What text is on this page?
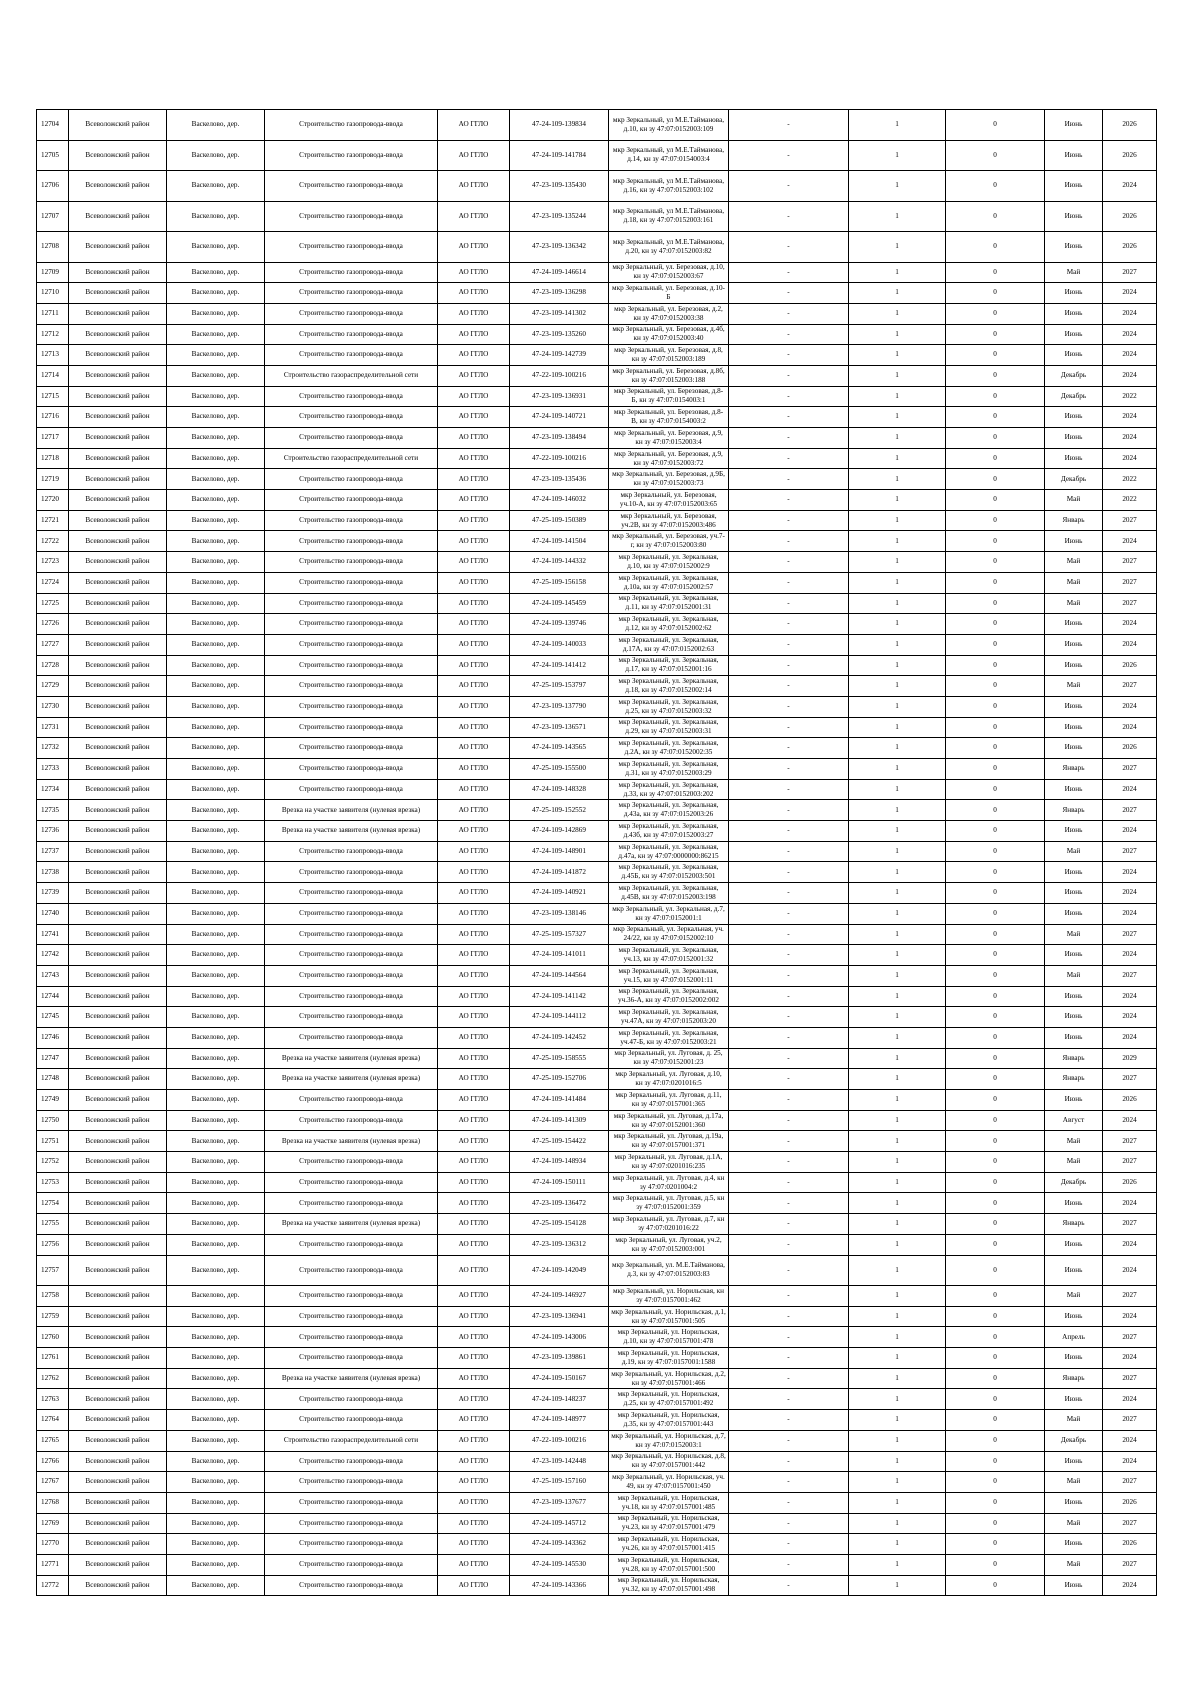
12704	Всеволожский район	Васкелово, дер.	Строительство газопровода-ввода	АО ГГЛО	47-24-109-139834	мкр Зеркальный, ул М.Е.Тайманова, д.10, кн зу 47:07:0152003:109	-	1	0	Июнь	2026
12705	Всеволожский район	Васкелово, дер.	Строительство газопровода-ввода	АО ГГЛО	47-24-109-141784	мкр Зеркальный, ул М.Е.Тайманова, д.14, кн зу 47:07:0154003:4	-	1	0	Июнь	2026
12706	Всеволожский район	Васкелово, дер.	Строительство газопровода-ввода	АО ГГЛО	47-23-109-135430	мкр Зеркальный, ул М.Е.Тайманова, д.16, кн зу 47:07:0152003:102	-	1	0	Июнь	2024
12707	Всеволожский район	Васкелово, дер.	Строительство газопровода-ввода	АО ГГЛО	47-23-109-135244	мкр Зеркальный, ул М.Е.Тайманова, д.18, кн зу 47:07:0152003:161	-	1	0	Июнь	2026
12708	Всеволожский район	Васкелово, дер.	Строительство газопровода-ввода	АО ГГЛО	47-23-109-136342	мкр Зеркальный, ул М.Е.Тайманова, д.20, кн зу 47:07:0152003:82	-	1	0	Июнь	2026
12709	Всеволожский район	Васкелово, дер.	Строительство газопровода-ввода	АО ГГЛО	47-24-109-146614	мкр Зеркальный, ул. Березовая, д.10, кн зу 47:07:0152003:67	-	1	0	Май	2027
12710	Всеволожский район	Васкелово, дер.	Строительство газопровода-ввода	АО ГГЛО	47-23-109-136298	мкр Зеркальный, ул. Березовая, д.10-Б	-	1	0	Июнь	2024
12711	Всеволожский район	Васкелово, дер.	Строительство газопровода-ввода	АО ГГЛО	47-23-109-141302	мкр Зеркальный, ул. Березовая, д.2, кн зу 47:07:0152003:38	-	1	0	Июнь	2024
12712	Всеволожский район	Васкелово, дер.	Строительство газопровода-ввода	АО ГГЛО	47-23-109-135260	мкр Зеркальный, ул. Березовая, д.4б, кн зу 47:07:0152003:40	-	1	0	Июнь	2024
12713	Всеволожский район	Васкелово, дер.	Строительство газопровода-ввода	АО ГГЛО	47-24-109-142739	мкр Зеркальный, ул. Березовая, д.8, кн зу 47:07:0152003:189	-	1	0	Июнь	2024
12714	Всеволожский район	Васкелово, дер.	Строительство газораспределительной сети	АО ГГЛО	47-22-109-100216	мкр Зеркальный, ул. Березовая, д.8б, кн зу 47:07:0152003:188	-	1	0	Декабрь	2024
12715	Всеволожский район	Васкелово, дер.	Строительство газопровода-ввода	АО ГГЛО	47-23-109-136931	мкр Зеркальный, ул. Березовая, д.8-Б, кн зу 47:07:0154003:1	-	1	0	Декабрь	2022
12716	Всеволожский район	Васкелово, дер.	Строительство газопровода-ввода	АО ГГЛО	47-24-109-140721	мкр Зеркальный, ул. Березовая, д.8-В, кн зу 47:07:0154003:2	-	1	0	Июнь	2024
12717	Всеволожский район	Васкелово, дер.	Строительство газопровода-ввода	АО ГГЛО	47-23-109-138494	мкр Зеркальный, ул. Березовая, д.9, кн зу 47:07:0152003:4	-	1	0	Июнь	2024
12718	Всеволожский район	Васкелово, дер.	Строительство газораспределительной сети	АО ГГЛО	47-22-109-100216	мкр Зеркальный, ул. Березовая, д.9, кн зу 47:07:0152003:72	-	1	0	Июнь	2024
12719	Всеволожский район	Васкелово, дер.	Строительство газопровода-ввода	АО ГГЛО	47-23-109-135436	мкр Зеркальный, ул. Березовая, д.9Б, кн зу 47:07:0152003:73	-	1	0	Декабрь	2022
12720	Всеволожский район	Васкелово, дер.	Строительство газопровода-ввода	АО ГГЛО	47-24-109-146032	мкр Зеркальный, ул. Березовая, уч.10-А, кн зу 47:07:0152003:65	-	1	0	Май	2022
12721	Всеволожский район	Васкелово, дер.	Строительство газопровода-ввода	АО ГГЛО	47-25-109-150389	мкр Зеркальный, ул. Березовая, уч.2В, кн зу 47:07:0152003:486	-	1	0	Январь	2027
12722	Всеволожский район	Васкелово, дер.	Строительство газопровода-ввода	АО ГГЛО	47-24-109-141504	мкр Зеркальный, ул. Березовая, уч.7-г, кн зу 47:07:0152003:80	-	1	0	Июнь	2024
12723	Всеволожский район	Васкелово, дер.	Строительство газопровода-ввода	АО ГГЛО	47-24-109-144332	мкр Зеркальный, ул. Зеркальная, д.10, кн зу 47:07:0152002:9	-	1	0	Май	2027
12724	Всеволожский район	Васкелово, дер.	Строительство газопровода-ввода	АО ГГЛО	47-25-109-156158	мкр Зеркальный, ул. Зеркальная, д.10а, кн зу 47:07:0152002:57	-	1	0	Май	2027
12725	Всеволожский район	Васкелово, дер.	Строительство газопровода-ввода	АО ГГЛО	47-24-109-145459	мкр Зеркальный, ул. Зеркальная, д.11, кн зу 47:07:0152001:31	-	1	0	Май	2027
12726	Всеволожский район	Васкелово, дер.	Строительство газопровода-ввода	АО ГГЛО	47-24-109-139746	мкр Зеркальный, ул. Зеркальная, д.12, кн зу 47:07:0152002:62	-	1	0	Июнь	2024
12727	Всеволожский район	Васкелово, дер.	Строительство газопровода-ввода	АО ГГЛО	47-24-109-140033	мкр Зеркальный, ул. Зеркальная, д.17А, кн зу 47:07:0152002:63	-	1	0	Июнь	2024
12728	Всеволожский район	Васкелово, дер.	Строительство газопровода-ввода	АО ГГЛО	47-24-109-141412	мкр Зеркальный, ул. Зеркальная, д.17, кн зу 47:07:0152001:16	-	1	0	Июнь	2026
12729	Всеволожский район	Васкелово, дер.	Строительство газопровода-ввода	АО ГГЛО	47-25-109-153797	мкр Зеркальный, ул. Зеркальная, д.18, кн зу 47:07:0152002:14	-	1	0	Май	2027
12730	Всеволожский район	Васкелово, дер.	Строительство газопровода-ввода	АО ГГЛО	47-23-109-137790	мкр Зеркальный, ул. Зеркальная, д.25, кн зу 47:07:0152003:32	-	1	0	Июнь	2024
12731	Всеволожский район	Васкелово, дер.	Строительство газопровода-ввода	АО ГГЛО	47-23-109-136571	мкр Зеркальный, ул. Зеркальная, д.29, кн зу 47:07:0152003:31	-	1	0	Июнь	2024
12732	Всеволожский район	Васкелово, дер.	Строительство газопровода-ввода	АО ГГЛО	47-24-109-143565	мкр Зеркальный, ул. Зеркальная, д.2А, кн зу 47:07:0152002:35	-	1	0	Июнь	2026
12733	Всеволожский район	Васкелово, дер.	Строительство газопровода-ввода	АО ГГЛО	47-25-109-155500	мкр Зеркальный, ул. Зеркальная, д.31, кн зу 47:07:0152003:29	-	1	0	Январь	2027
12734	Всеволожский район	Васкелово, дер.	Строительство газопровода-ввода	АО ГГЛО	47-24-109-148328	мкр Зеркальный, ул. Зеркальная, д.33, кн зу 47:07:0152003:202	-	1	0	Июнь	2024
12735	Всеволожский район	Васкелово, дер.	Врезка на участке заявителя (нулевая врезка)	АО ГГЛО	47-25-109-152552	мкр Зеркальный, ул. Зеркальная, д.43а, кн зу 47:07:0152003:26	-	1	0	Январь	2027
12736	Всеволожский район	Васкелово, дер.	Врезка на участке заявителя (нулевая врезка)	АО ГГЛО	47-24-109-142869	мкр Зеркальный, ул. Зеркальная, д.43б, кн зу 47:07:0152003:27	-	1	0	Июнь	2024
12737	Всеволожский район	Васкелово, дер.	Строительство газопровода-ввода	АО ГГЛО	47-24-109-148901	мкр Зеркальный, ул. Зеркальная, д.47а, кн зу 47:07:0000000:86215	-	1	0	Май	2027
12738	Всеволожский район	Васкелово, дер.	Строительство газопровода-ввода	АО ГГЛО	47-24-109-141872	мкр Зеркальный, ул. Зеркальная, д.45Б, кн зу 47:07:0152003:501	-	1	0	Июнь	2024
12739	Всеволожский район	Васкелово, дер.	Строительство газопровода-ввода	АО ГГЛО	47-24-109-140921	мкр Зеркальный, ул. Зеркальная, д.45В, кн зу 47:07:0152003:198	-	1	0	Июнь	2024
12740	Всеволожский район	Васкелово, дер.	Строительство газопровода-ввода	АО ГГЛО	47-23-109-138146	мкр Зеркальный, ул. Зеркальная, д.7, кн зу 47:07:0152001:1	-	1	0	Июнь	2024
12741	Всеволожский район	Васкелово, дер.	Строительство газопровода-ввода	АО ГГЛО	47-25-109-157327	мкр Зеркальный, ул. Зеркальная, уч. 24/22, кн зу 47:07:0152002:10	-	1	0	Май	2027
12742	Всеволожский район	Васкелово, дер.	Строительство газопровода-ввода	АО ГГЛО	47-24-109-141011	мкр Зеркальный, ул. Зеркальная, уч.13, кн зу 47:07:0152001:32	-	1	0	Июнь	2024
12743	Всеволожский район	Васкелово, дер.	Строительство газопровода-ввода	АО ГГЛО	47-24-109-144564	мкр Зеркальный, ул. Зеркальная, уч.15, кн зу 47:07:0152001:11	-	1	0	Май	2027
12744	Всеволожский район	Васкелово, дер.	Строительство газопровода-ввода	АО ГГЛО	47-24-109-141142	мкр Зеркальный, ул. Зеркальная, уч.36-А, кн зу 47:07:0152002:002	-	1	0	Июнь	2024
12745	Всеволожский район	Васкелово, дер.	Строительство газопровода-ввода	АО ГГЛО	47-24-109-144112	мкр Зеркальный, ул. Зеркальная, уч.47А, кн зу 47:07:0152003:20	-	1	0	Июнь	2024
12746	Всеволожский район	Васкелово, дер.	Строительство газопровода-ввода	АО ГГЛО	47-24-109-142452	мкр Зеркальный, ул. Зеркальная, уч.47-Б, кн зу 47:07:0152003:21	-	1	0	Июнь	2024
12747	Всеволожский район	Васкелово, дер.	Врезка на участке заявителя (нулевая врезка)	АО ГГЛО	47-25-109-158555	мкр Зеркальный, ул. Луговая, д. 25, кн зу 47:07:0152001:23	-	1	0	Январь	2029
12748	Всеволожский район	Васкелово, дер.	Врезка на участке заявителя (нулевая врезка)	АО ГГЛО	47-25-109-152706	мкр Зеркальный, ул. Луговая, д.10, кн зу 47:07:0201016:5	-	1	0	Январь	2027
12749	Всеволожский район	Васкелово, дер.	Строительство газопровода-ввода	АО ГГЛО	47-24-109-141484	мкр Зеркальный, ул. Луговая, д.11, кн зу 47:07:0157001:365	-	1	0	Июнь	2026
12750	Всеволожский район	Васкелово, дер.	Строительство газопровода-ввода	АО ГГЛО	47-24-109-141309	мкр Зеркальный, ул. Луговая, д.17а, кн зу 47:07:0152001:360	-	1	0	Август	2024
12751	Всеволожский район	Васкелово, дер.	Врезка на участке заявителя (нулевая врезка)	АО ГГЛО	47-25-109-154422	мкр Зеркальный, ул. Луговая, д.19а, кн зу 47:07:0157001:371	-	1	0	Май	2027
12752	Всеволожский район	Васкелово, дер.	Строительство газопровода-ввода	АО ГГЛО	47-24-109-148934	мкр Зеркальный, ул. Луговая, д.1А, кн зу 47:07:0201016:235	-	1	0	Май	2027
12753	Всеволожский район	Васкелово, дер.	Строительство газопровода-ввода	АО ГГЛО	47-24-109-150111	мкр Зеркальный, ул. Луговая, д.4, кн зу 47:07:0201004:2	-	1	0	Декабрь	2026
12754	Всеволожский район	Васкелово, дер.	Строительство газопровода-ввода	АО ГГЛО	47-23-109-136472	мкр Зеркальный, ул. Луговая, д.5, кн зу 47:07:0152001:359	-	1	0	Июнь	2024
12755	Всеволожский район	Васкелово, дер.	Врезка на участке заявителя (нулевая врезка)	АО ГГЛО	47-25-109-154128	мкр Зеркальный, ул. Луговая, д.7, кн зу 47:07:0201016:22	-	1	0	Январь	2027
12756	Всеволожский район	Васкелово, дер.	Строительство газопровода-ввода	АО ГГЛО	47-23-109-136312	мкр Зеркальный, ул. Луговая, уч.2, кн зу 47:07:0152003:001	-	1	0	Июнь	2024
12757	Всеволожский район	Васкелово, дер.	Строительство газопровода-ввода	АО ГГЛО	47-24-109-142049	мкр Зеркальный, ул. М.Е.Тайманова, д.3, кн зу 47:07:0152003:83	-	1	0	Июнь	2024
12758	Всеволожский район	Васкелово, дер.	Строительство газопровода-ввода	АО ГГЛО	47-24-109-146927	мкр Зеркальный, ул. Норильская, кн зу 47:07:0157001:462	-	1	0	Май	2027
12759	Всеволожский район	Васкелово, дер.	Строительство газопровода-ввода	АО ГГЛО	47-23-109-136941	мкр Зеркальный, ул. Норильская, д.1, кн зу 47:07:0157001:505	-	1	0	Июнь	2024
12760	Всеволожский район	Васкелово, дер.	Строительство газопровода-ввода	АО ГГЛО	47-24-109-143006	мкр Зеркальный, ул. Норильская, д.10, кн зу 47:07:0157001:478	-	1	0	Апрель	2027
12761	Всеволожский район	Васкелово, дер.	Строительство газопровода-ввода	АО ГГЛО	47-23-109-139861	мкр Зеркальный, ул. Норильская, д.19, кн зу 47:07:0157001:1588	-	1	0	Июнь	2024
12762	Всеволожский район	Васкелово, дер.	Врезка на участке заявителя (нулевая врезка)	АО ГГЛО	47-24-109-150167	мкр Зеркальный, ул. Норильская, д.2, кн зу 47:07:0157001:466	-	1	0	Январь	2027
12763	Всеволожский район	Васкелово, дер.	Строительство газопровода-ввода	АО ГГЛО	47-24-109-148237	мкр Зеркальный, ул. Норильская, д.25, кн зу 47:07:0157001:492	-	1	0	Июнь	2024
12764	Всеволожский район	Васкелово, дер.	Строительство газопровода-ввода	АО ГГЛО	47-24-109-148977	мкр Зеркальный, ул. Норильская, д.35, кн зу 47:07:0157001:443	-	1	0	Май	2027
12765	Всеволожский район	Васкелово, дер.	Строительство газораспределительной сети	АО ГГЛО	47-22-109-100216	мкр Зеркальный, ул. Норильская, д.7, кн зу 47:07:0152003:1	-	1	0	Декабрь	2024
12766	Всеволожский район	Васкелово, дер.	Строительство газопровода-ввода	АО ГГЛО	47-23-109-142448	мкр Зеркальный, ул. Норильская, д.8, кн зу 47:07:0157001:442	-	1	0	Июнь	2024
12767	Всеволожский район	Васкелово, дер.	Строительство газопровода-ввода	АО ГГЛО	47-25-109-157160	мкр Зеркальный, ул. Норильская, уч. 49, кн зу 47:07:0157001:450	-	1	0	Май	2027
12768	Всеволожский район	Васкелово, дер.	Строительство газопровода-ввода	АО ГГЛО	47-23-109-137677	мкр Зеркальный, ул. Норильская, уч.18, кн зу 47:07:0157001:485	-	1	0	Июнь	2026
12769	Всеволожский район	Васкелово, дер.	Строительство газопровода-ввода	АО ГГЛО	47-24-109-145712	мкр Зеркальный, ул. Норильская, уч.23, кн зу 47:07:0157001:479	-	1	0	Май	2027
12770	Всеволожский район	Васкелово, дер.	Строительство газопровода-ввода	АО ГГЛО	47-24-109-143362	мкр Зеркальный, ул. Норильская, уч.26, кн зу 47:07:0157001:415	-	1	0	Июнь	2026
12771	Всеволожский район	Васкелово, дер.	Строительство газопровода-ввода	АО ГГЛО	47-24-109-145530	мкр Зеркальный, ул. Норильская, уч.28, кн зу 47:07:0157001:500	-	1	0	Май	2027
12772	Всеволожский район	Васкелово, дер.	Строительство газопровода-ввода	АО ГГЛО	47-24-109-143366	мкр Зеркальный, ул. Норильская, уч.32, кн зу 47:07:0157001:498	-	1	0	Июнь	2024
